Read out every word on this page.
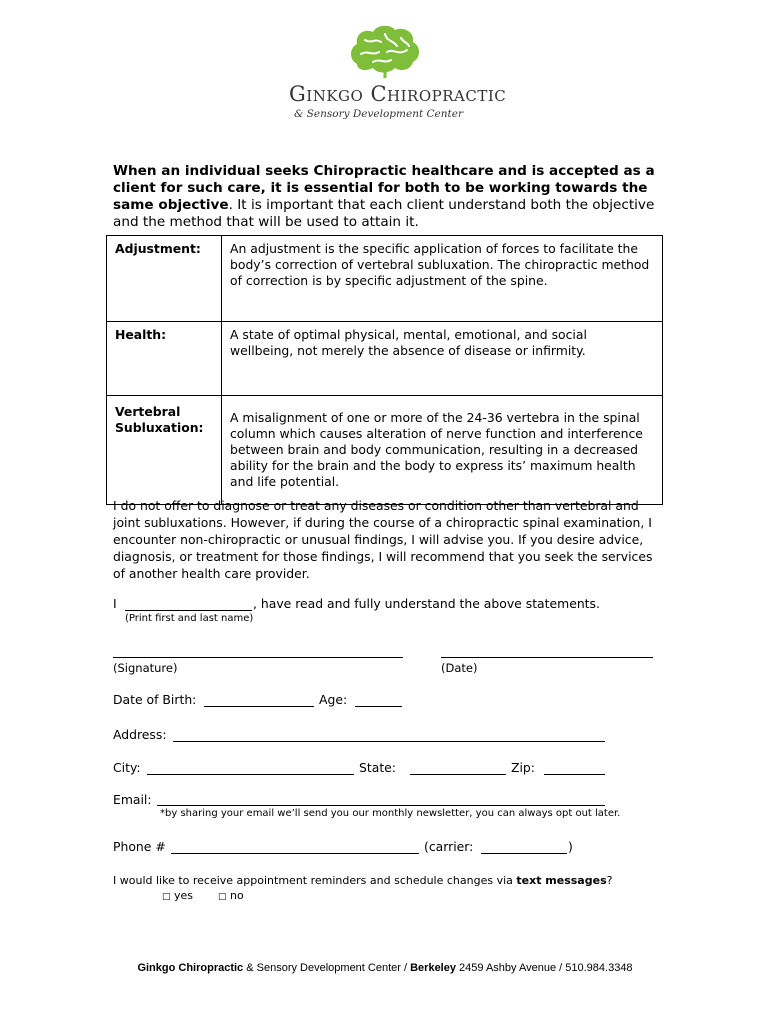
Ginkgo Chiropractic
& Sensory Development Center
When an individual seeks Chiropractic healthcare and is accepted as a client for such care, it is essential for both to be working towards the same objective. It is important that each client understand both the objective and the method that will be used to attain it.
Adjustment:	An adjustment is the specific application of forces to facilitate the body’s correction of vertebral subluxation. The chiropractic method of correction is by specific adjustment of the spine.
Health:	A state of optimal physical, mental, emotional, and social wellbeing, not merely the absence of disease or infirmity.
Vertebral Subluxation:	A misalignment of one or more of the 24-36 vertebra in the spinal column which causes alteration of nerve function and interference between brain and body communication, resulting in a decreased ability for the brain and the body to express its’ maximum health and life potential.
I do not offer to diagnose or treat any diseases or condition other than vertebral and joint subluxations. However, if during the course of a chiropractic spinal examination, I encounter non-chiropractic or unusual findings, I will advise you. If you desire advice, diagnosis, or treatment for those findings, I will recommend that you seek the services of another health care provider.
I	, have read and fully understand the above statements.
(Print first and last name)
(Signature)	(Date)
Date of Birth:	Age:
Address:
City:	State:	Zip:
Email:
*by sharing your email we’ll send you our monthly newsletter, you can always opt out later.
Phone #	(carrier:	)
I would like to receive appointment reminders and schedule changes via text messages?
□ yes	□ no
Ginkgo Chiropractic & Sensory Development Center / Berkeley 2459 Ashby Avenue / 510.984.3348
